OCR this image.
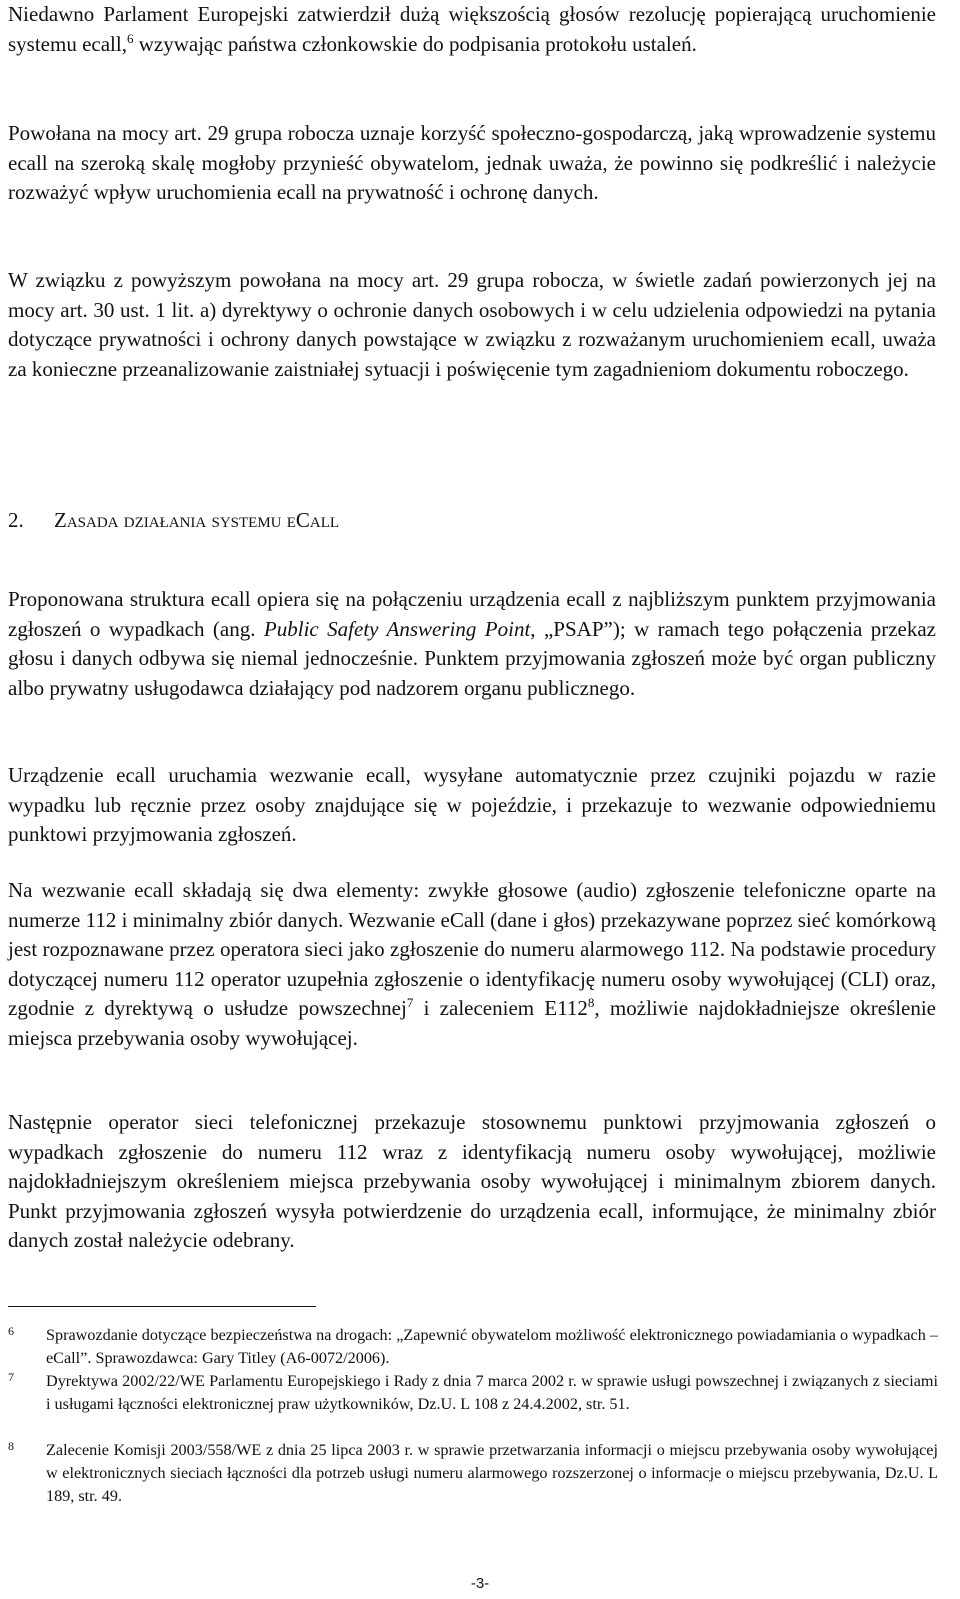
Niedawno Parlament Europejski zatwierdził dużą większością głosów rezolucję popierającą uruchomienie systemu ecall,$^6$ wzywając państwa członkowskie do podpisania protokołu ustaleń.

Powołana na mocy art. 29 grupa robocza uznaje korzyść społeczno-gospodarczą, jaką wprowadzenie systemu ecall na szeroką skalę mogłoby przynieść obywatelom, jednak uważa, że powinno się podkreślić i należycie rozważyć wpływ uruchomienia ecall na prywatność i ochronę danych.

W związku z powyższym powołana na mocy art. 29 grupa robocza, w świetle zadań powierzonych jej na mocy art. 30 ust. 1 lit. a) dyrektywy o ochronie danych osobowych i w celu udzielenia odpowiedzi na pytania dotyczące prywatności i ochrony danych powstające w związku z rozważanym uruchomieniem ecall, uważa za konieczne przeanalizowanie zaistniałej sytuacji i poświęcenie tym zagadnieniom dokumentu roboczego.

2. Zasada działania systemu eCall

Proponowana struktura ecall opiera się na połączeniu urządzenia ecall z najbliższym punktem przyjmowania zgłoszeń o wypadkach (ang. Public Safety Answering Point, „PSAP”); w ramach tego połączenia przekaz głosu i danych odbywa się niemal jednocześnie. Punktem przyjmowania zgłoszeń może być organ publiczny albo prywatny usługodawca działający pod nadzorem organu publicznego.

Urządzenie ecall uruchamia wezwanie ecall, wysyłane automatycznie przez czujniki pojazdu w razie wypadku lub ręcznie przez osoby znajdujące się w pojeździe, i przekazuje to wezwanie odpowiedniemu punktowi przyjmowania zgłoszeń.

Na wezwanie ecall składają się dwa elementy: zwykłe głosowe (audio) zgłoszenie telefoniczne oparte na numerze 112 i minimalny zbiór danych. Wezwanie eCall (dane i głos) przekazywane poprzez sieć komórkową jest rozpoznawane przez operatora sieci jako zgłoszenie do numeru alarmowego 112. Na podstawie procedury dotyczącej numeru 112 operator uzupełnia zgłoszenie o identyfikację numeru osoby wywołującej (CLI) oraz, zgodnie z dyrektywą o usłudze powszechnej$^7$ i zaleceniem $E112^8$, możliwie najdokładniejsze określenie miejsca przebywania osoby wywołującej.

Następnie operator sieci telefonicznej przekazuje stosownemu punktowi przyjmowania zgłoszeń o wypadkach zgłoszenie do numeru 112 wraz z identyfikacją numeru osoby wywołującej, możliwie najdokładniejszym określeniem miejsca przebywania osoby wywołującej i minimalnym zbiorem danych. Punkt przyjmowania zgłoszeń wysyła potwierdzenie do urządzenia ecall, informujące, że minimalny zbiór danych został należycie odebrany.

6 Sprawozdanie dotyczące bezpieczeństwa na drogach: „Zapewnić obywatelom możliwość elektronicznego powiadamiania o wypadkach – eCall”. Sprawozdawca: Gary Titley (A6-0072/2006).
7 Dyrektywa 2002/22/WE Parlamentu Europejskiego i Rady z dnia 7 marca 2002 r. w sprawie usługi powszechnej i związanych z sieciami i usługami łączności elektronicznej praw użytkowników, Dz.U. L 108 z 24.4.2002, str. 51.
8 Zalecenie Komisji 2003/558/WE z dnia 25 lipca 2003 r. w sprawie przetwarzania informacji o miejscu przebywania osoby wywołującej w elektronicznych sieciach łączności dla potrzeb usługi numeru alarmowego rozszerzonej o informacje o miejscu przebywania, Dz.U. L 189, str. 49.
-3-
